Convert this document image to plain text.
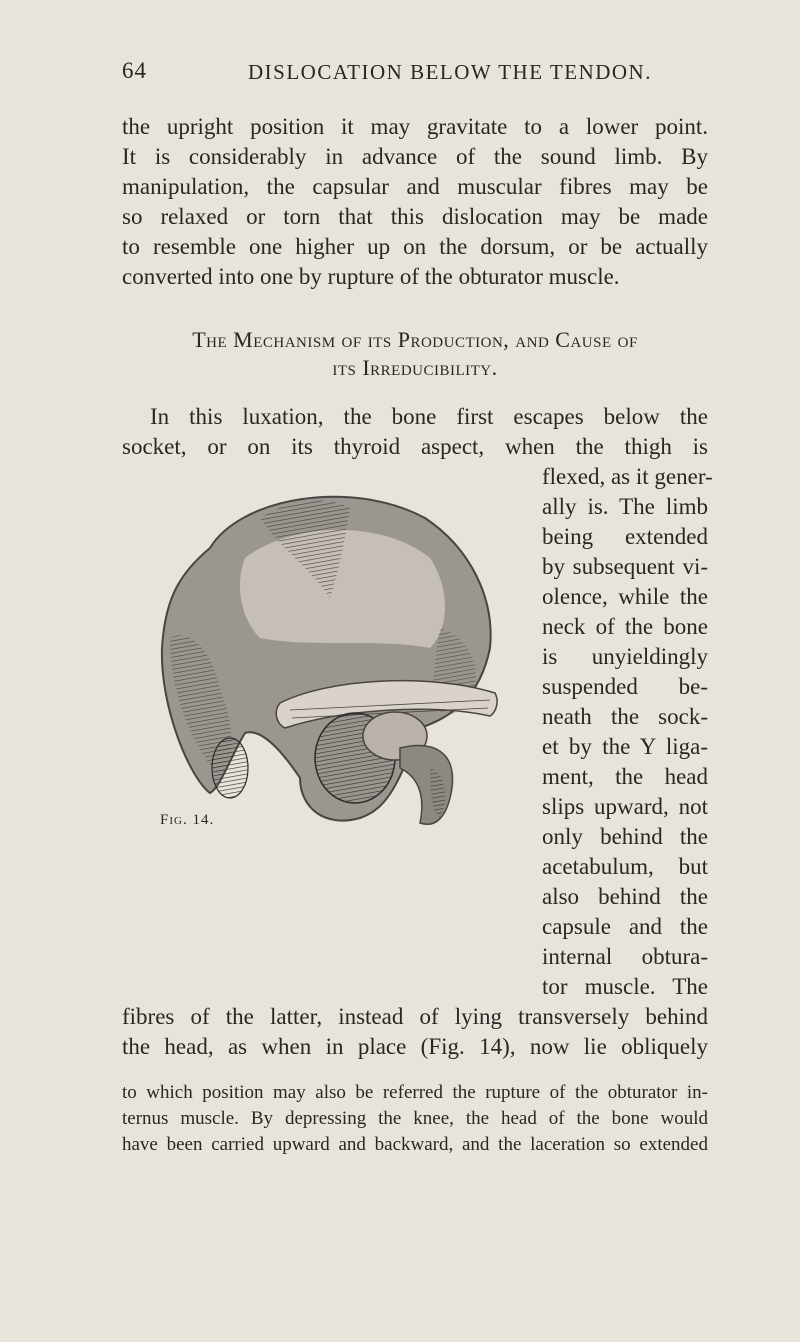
64	DISLOCATION BELOW THE TENDON.
the upright position it may gravitate to a lower point.
It is considerably in advance of the sound limb. By
manipulation, the capsular and muscular fibres may be
so relaxed or torn that this dislocation may be made
to resemble one higher up on the dorsum, or be actually
converted into one by rupture of the obturator muscle.
The Mechanism of its Production, and Cause of
its Irreducibility.
In this luxation, the bone first escapes below the
socket, or on its thyroid aspect, when the thigh is
flexed, as it gener-
ally is. The limb
being extended
by subsequent vi-
olence, while the
neck of the bone
is unyieldingly
suspended be-
neath the sock-
et by the Y liga-
ment, the head
slips upward, not
only behind the
acetabulum, but
also behind the
capsule and the
internal obtura-
tor muscle. The
fibres of the latter, instead of lying transversely behind
the head, as when in place (Fig. 14), now lie obliquely
to which position may also be referred the rupture of the obturator in-
ternus muscle. By depressing the knee, the head of the bone would
have been carried upward and backward, and the laceration so extended
Fig. 14.
